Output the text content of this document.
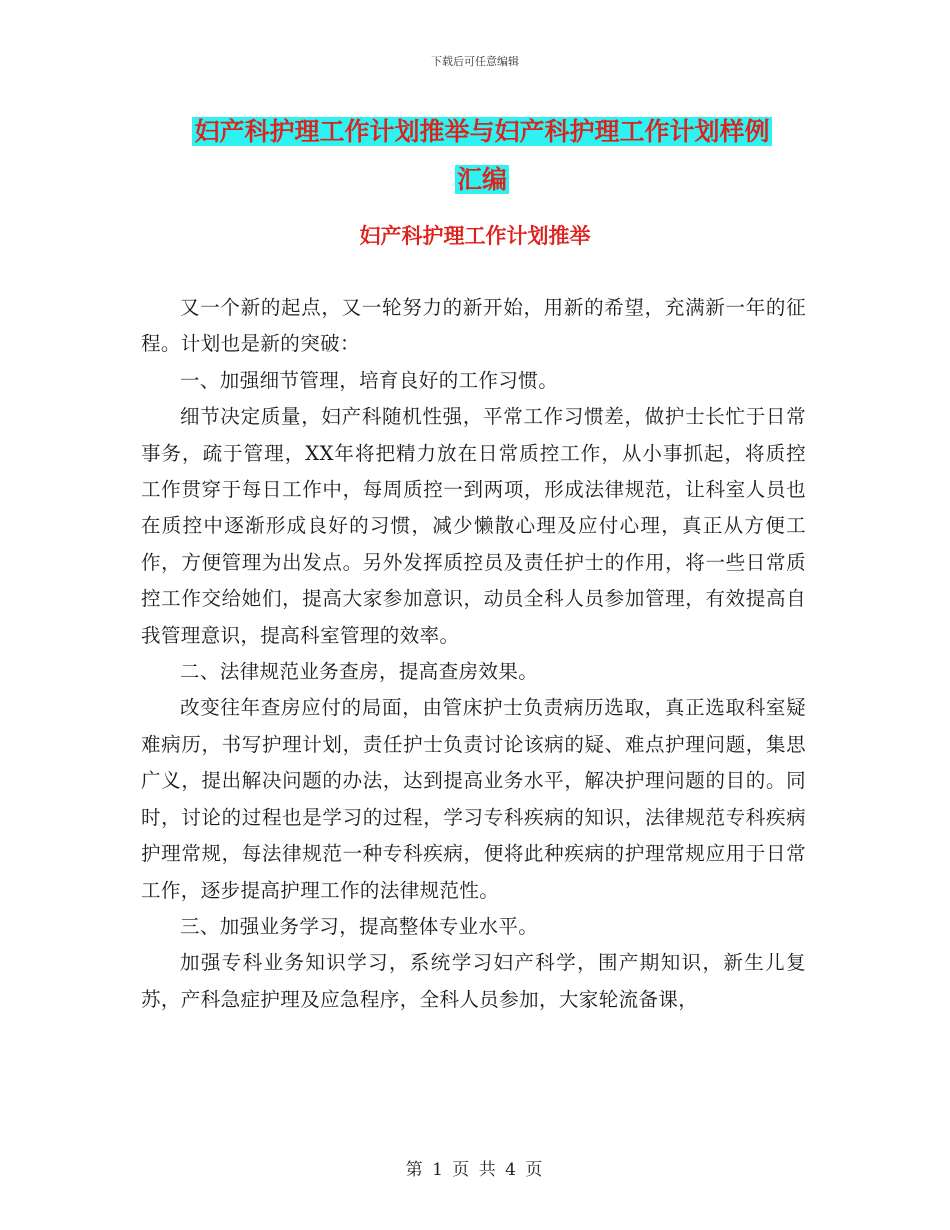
下载后可任意编辑
妇产科护理工作计划推举与妇产科护理工作计划样例
汇编
妇产科护理工作计划推举

又一个新的起点，又一轮努力的新开始，用新的希望，充满新一年的征程。计划也是新的突破：

一、加强细节管理，培育良好的工作习惯。

细节决定质量，妇产科随机性强，平常工作习惯差，做护士长忙于日常事务，疏于管理，XX年将把精力放在日常质控工作，从小事抓起，将质控工作贯穿于每日工作中，每周质控一到两项，形成法律规范，让科室人员也在质控中逐渐形成良好的习惯，减少懒散心理及应付心理，真正从方便工作，方便管理为出发点。另外发挥质控员及责任护士的作用，将一些日常质控工作交给她们，提高大家参加意识，动员全科人员参加管理，有效提高自我管理意识，提高科室管理的效率。

二、法律规范业务查房，提高查房效果。

改变往年查房应付的局面，由管床护士负责病历选取，真正选取科室疑难病历，书写护理计划，责任护士负责讨论该病的疑、难点护理问题，集思广义，提出解决问题的办法，达到提高业务水平，解决护理问题的目的。同时，讨论的过程也是学习的过程，学习专科疾病的知识，法律规范专科疾病护理常规，每法律规范一种专科疾病，便将此种疾病的护理常规应用于日常工作，逐步提高护理工作的法律规范性。

三、加强业务学习，提高整体专业水平。

加强专科业务知识学习，系统学习妇产科学，围产期知识，新生儿复苏，产科急症护理及应急程序，全科人员参加，大家轮流备课，

第 1 页 共 4 页
